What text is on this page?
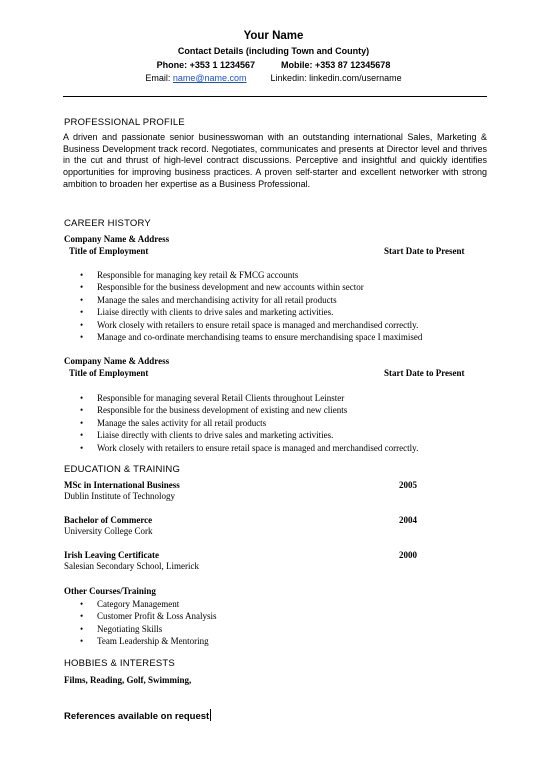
Your Name
Contact Details (including Town and County)
Phone: +353 1 1234567	Mobile: +353 87 12345678
Email: name@name.com	Linkedin: linkedin.com/username
PROFESSIONAL PROFILE
A driven and passionate senior businesswoman with an outstanding international Sales, Marketing & Business Development track record. Negotiates, communicates and presents at Director level and thrives in the cut and thrust of high-level contract discussions. Perceptive and insightful and quickly identifies opportunities for improving business practices. A proven self-starter and excellent networker with strong ambition to broaden her expertise as a Business Professional.
CAREER HISTORY
Company Name & Address
Title of Employment	Start Date to Present
• Responsible for managing key retail & FMCG accounts
• Responsible for the business development and new accounts within sector
• Manage the sales and merchandising activity for all retail products
• Liaise directly with clients to drive sales and marketing activities.
• Work closely with retailers to ensure retail space is managed and merchandised correctly.
• Manage and co-ordinate merchandising teams to ensure merchandising space I maximised
Company Name & Address
Title of Employment	Start Date to Present
• Responsible for managing several Retail Clients throughout Leinster
• Responsible for the business development of existing and new clients
• Manage the sales activity for all retail products
• Liaise directly with clients to drive sales and marketing activities.
• Work closely with retailers to ensure retail space is managed and merchandised correctly.
EDUCATION & TRAINING
MSc in International Business	2005
Dublin Institute of Technology
Bachelor of Commerce	2004
University College Cork
Irish Leaving Certificate	2000
Salesian Secondary School, Limerick
Other Courses/Training
• Category Management
• Customer Profit & Loss Analysis
• Negotiating Skills
• Team Leadership & Mentoring
HOBBIES & INTERESTS
Films, Reading, Golf, Swimming,
References available on request
